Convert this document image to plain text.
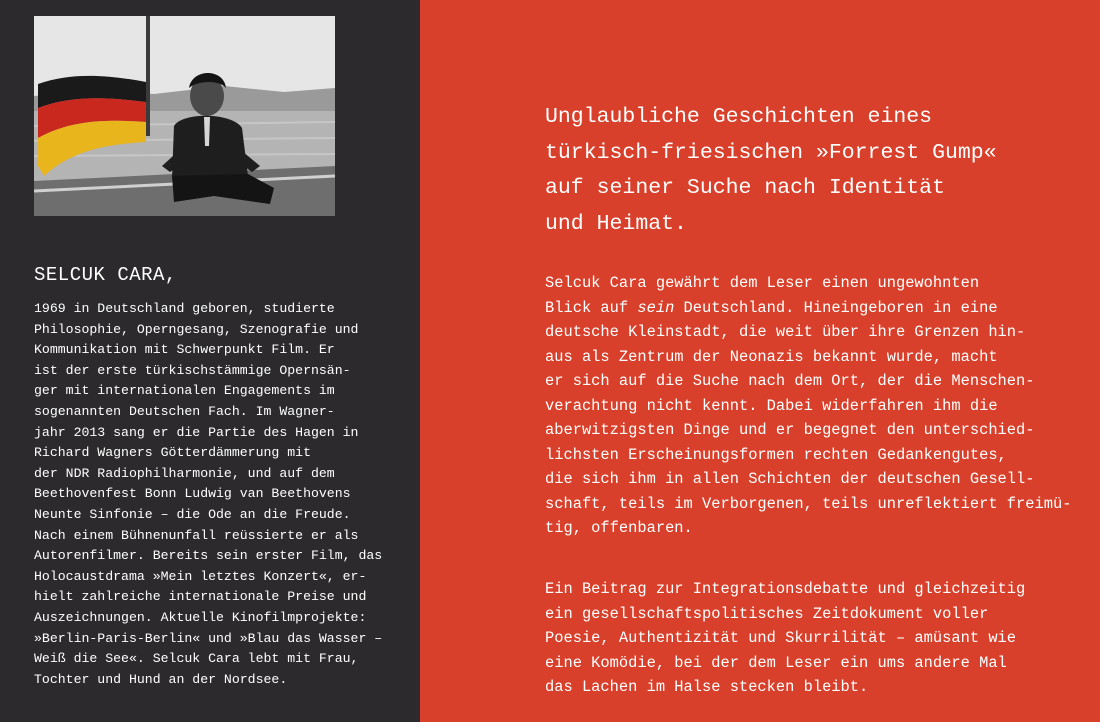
SELCUK CARA,
1969 in Deutschland geboren, studierte
Philosophie, Operngesang, Szenografie und
Kommunikation mit Schwerpunkt Film. Er
ist der erste türkischstämmige Opernsän-
ger mit internationalen Engagements im
sogenannten Deutschen Fach. Im Wagner-
jahr 2013 sang er die Partie des Hagen in
Richard Wagners Götterdämmerung mit
der NDR Radiophilharmonie, und auf dem
Beethovenfest Bonn Ludwig van Beethovens
Neunte Sinfonie – die Ode an die Freude.
Nach einem Bühnenunfall reüssierte er als
Autorenfilmer. Bereits sein erster Film, das
Holocaustdrama »Mein letztes Konzert«, er-
hielt zahlreiche internationale Preise und
Auszeichnungen. Aktuelle Kinofilmprojekte:
»Berlin-Paris-Berlin« und »Blau das Wasser –
Weiß die See«. Selcuk Cara lebt mit Frau,
Tochter und Hund an der Nordsee.
Unglaubliche Geschichten eines
türkisch-friesischen »Forrest Gump«
auf seiner Suche nach Identität
und Heimat.
Selcuk Cara gewährt dem Leser einen ungewohnten
Blick auf sein Deutschland. Hineingeboren in eine
deutsche Kleinstadt, die weit über ihre Grenzen hin-
aus als Zentrum der Neonazis bekannt wurde, macht
er sich auf die Suche nach dem Ort, der die Menschen-
verachtung nicht kennt. Dabei widerfahren ihm die
aberwitzigsten Dinge und er begegnet den unterschied-
lichsten Erscheinungsformen rechten Gedankengutes,
die sich ihm in allen Schichten der deutschen Gesell-
schaft, teils im Verborgenen, teils unreflektiert freimü-
tig, offenbaren.
Ein Beitrag zur Integrationsdebatte und gleichzeitig
ein gesellschaftspolitisches Zeitdokument voller
Poesie, Authentizität und Skurrilität – amüsant wie
eine Komödie, bei der dem Leser ein ums andere Mal
das Lachen im Halse stecken bleibt.
